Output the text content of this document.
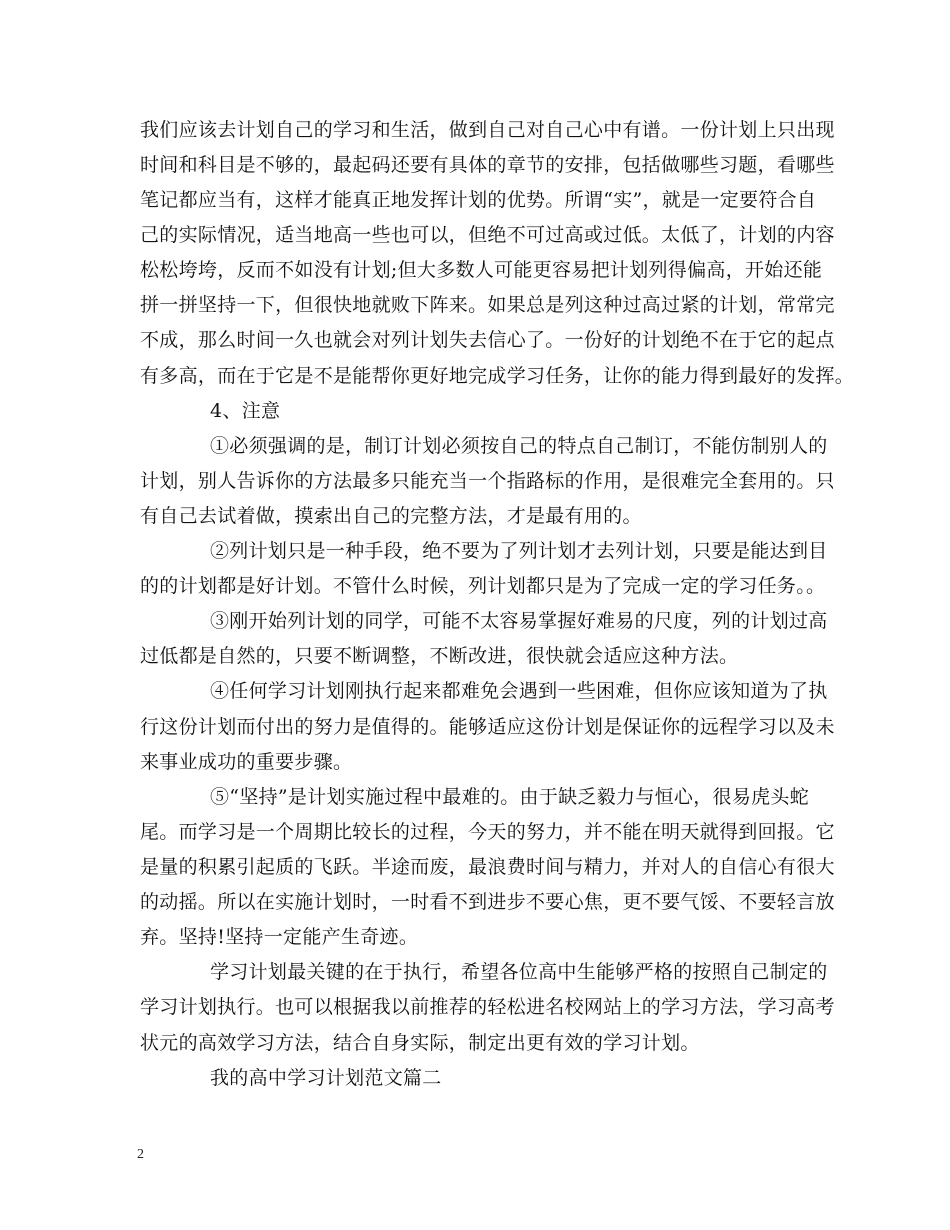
我们应该去计划自己的学习和生活，做到自己对自己心中有谱。一份计划上只出现
时间和科目是不够的，最起码还要有具体的章节的安排，包括做哪些习题，看哪些
笔记都应当有，这样才能真正地发挥计划的优势。所谓“实”，就是一定要符合自
己的实际情况，适当地高一些也可以，但绝不可过高或过低。太低了，计划的内容
松松垮垮，反而不如没有计划;但大多数人可能更容易把计划列得偏高，开始还能
拼一拼坚持一下，但很快地就败下阵来。如果总是列这种过高过紧的计划，常常完
不成，那么时间一久也就会对列计划失去信心了。一份好的计划绝不在于它的起点
有多高，而在于它是不是能帮你更好地完成学习任务，让你的能力得到最好的发挥。
4、注意
①必须强调的是，制订计划必须按自己的特点自己制订，不能仿制别人的
计划，别人告诉你的方法最多只能充当一个指路标的作用，是很难完全套用的。只
有自己去试着做，摸索出自己的完整方法，才是最有用的。
②列计划只是一种手段，绝不要为了列计划才去列计划，只要是能达到目
的的计划都是好计划。不管什么时候，列计划都只是为了完成一定的学习任务。。
③刚开始列计划的同学，可能不太容易掌握好难易的尺度，列的计划过高
过低都是自然的，只要不断调整，不断改进，很快就会适应这种方法。
④任何学习计划刚执行起来都难免会遇到一些困难，但你应该知道为了执
行这份计划而付出的努力是值得的。能够适应这份计划是保证你的远程学习以及未
来事业成功的重要步骤。
⑤“坚持”是计划实施过程中最难的。由于缺乏毅力与恒心，很易虎头蛇
尾。而学习是一个周期比较长的过程，今天的努力，并不能在明天就得到回报。它
是量的积累引起质的飞跃。半途而废，最浪费时间与精力，并对人的自信心有很大
的动摇。所以在实施计划时，一时看不到进步不要心焦，更不要气馁、不要轻言放
弃。坚持!坚持一定能产生奇迹。
学习计划最关键的在于执行，希望各位高中生能够严格的按照自己制定的
学习计划执行。也可以根据我以前推荐的轻松进名校网站上的学习方法，学习高考
状元的高效学习方法，结合自身实际，制定出更有效的学习计划。
我的高中学习计划范文篇二
2
